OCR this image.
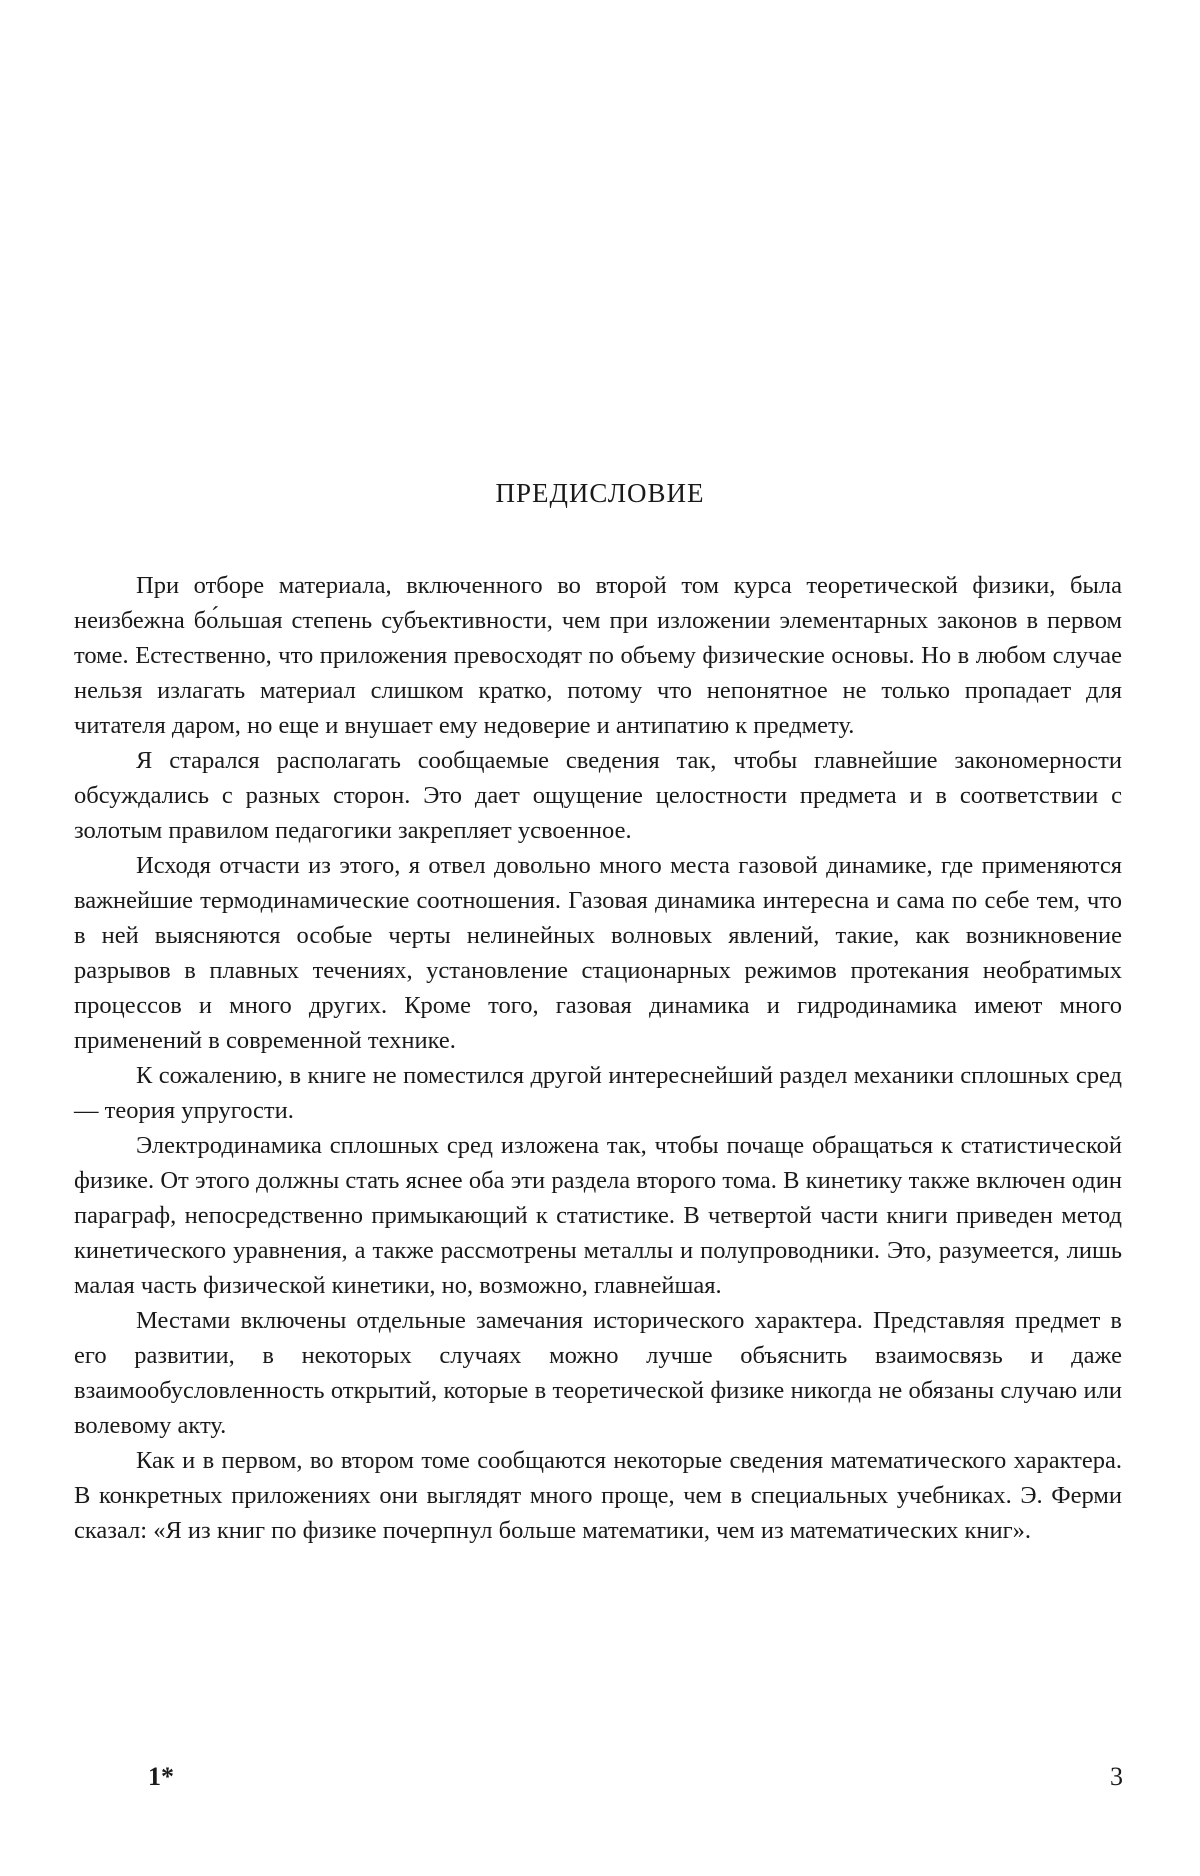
ПРЕДИСЛОВИЕ

При отборе материала, включенного во второй том курса теоретической физики, была неизбежна бо́льшая степень субъективности, чем при изложении элементарных законов в первом томе. Естественно, что приложения превосходят по объему физические основы. Но в любом случае нельзя излагать материал слишком кратко, потому что непонятное не только пропадает для читателя даром, но еще и внушает ему недоверие и антипатию к предмету.

Я старался располагать сообщаемые сведения так, чтобы главнейшие закономерности обсуждались с разных сторон. Это дает ощущение целостности предмета и в соответствии с золотым правилом педагогики закрепляет усвоенное.

Исходя отчасти из этого, я отвел довольно много места газовой динамике, где применяются важнейшие термодинамические соотношения. Газовая динамика интересна и сама по себе тем, что в ней выясняются особые черты нелинейных волновых явлений, такие, как возникновение разрывов в плавных течениях, установление стационарных режимов протекания необратимых процессов и много других. Кроме того, газовая динамика и гидродинамика имеют много применений в современной технике.

К сожалению, в книге не поместился другой интереснейший раздел механики сплошных сред — теория упругости.

Электродинамика сплошных сред изложена так, чтобы почаще обращаться к статистической физике. От этого должны стать яснее оба эти раздела второго тома. В кинетику также включен один параграф, непосредственно примыкающий к статистике. В четвертой части книги приведен метод кинетического уравнения, а также рассмотрены металлы и полупроводники. Это, разумеется, лишь малая часть физической кинетики, но, возможно, главнейшая.

Местами включены отдельные замечания исторического характера. Представляя предмет в его развитии, в некоторых случаях можно лучше объяснить взаимосвязь и даже взаимообусловленность открытий, которые в теоретической физике никогда не обязаны случаю или волевому акту.

Как и в первом, во втором томе сообщаются некоторые сведения математического характера. В конкретных приложениях они выглядят много проще, чем в специальных учебниках. Э. Ферми сказал: «Я из книг по физике почерпнул больше математики, чем из математических книг».

1*	3
